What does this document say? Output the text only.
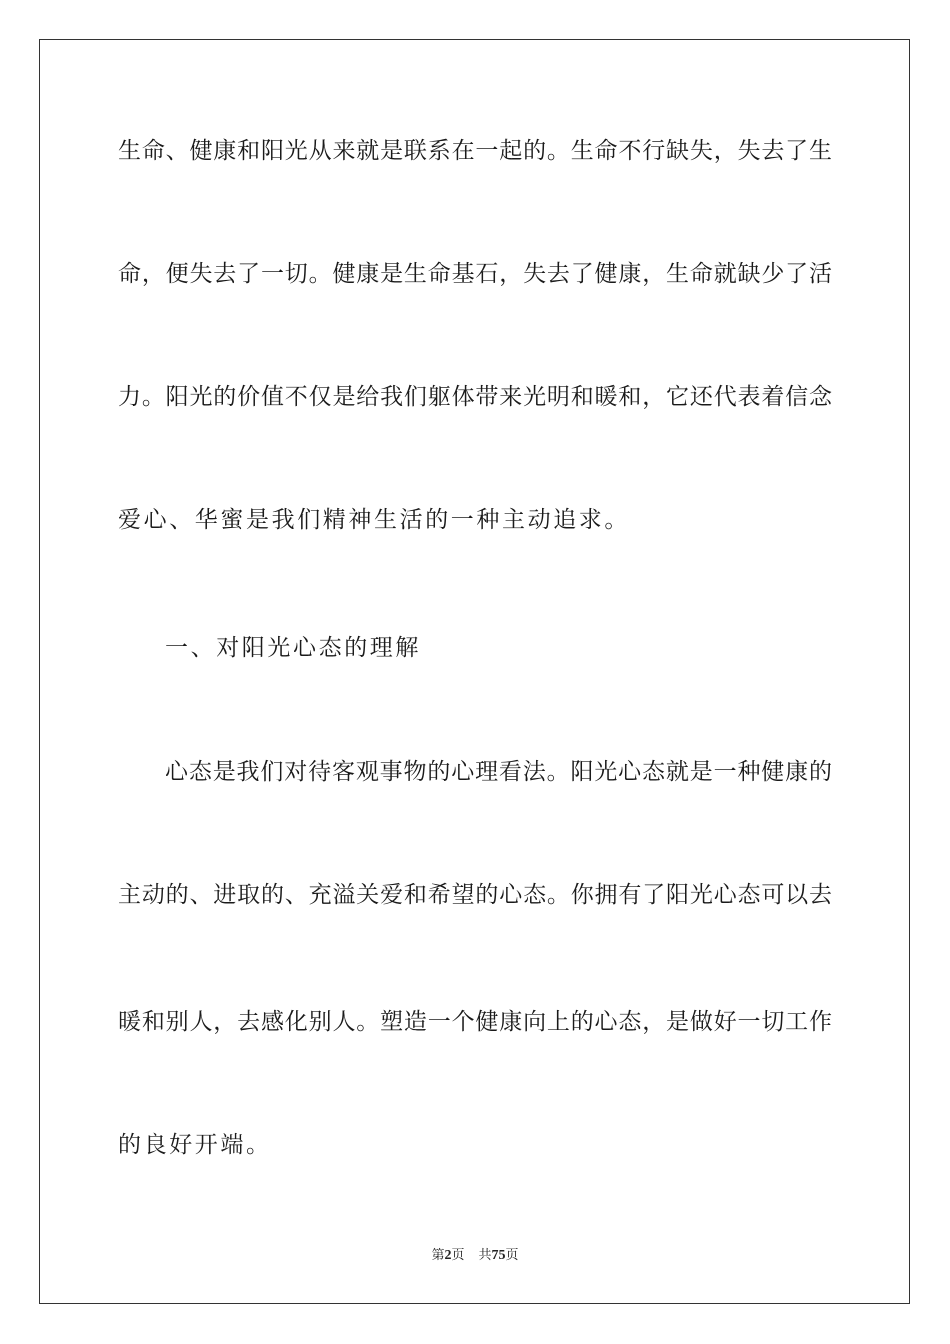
生命、健康和阳光从来就是联系在一起的。生命不行缺失，失去了生
命，便失去了一切。健康是生命基石，失去了健康，生命就缺少了活
力。阳光的价值不仅是给我们躯体带来光明和暖和，它还代表着信念
爱心、华蜜是我们精神生活的一种主动追求。
一、对阳光心态的理解
心态是我们对待客观事物的心理看法。阳光心态就是一种健康的
主动的、进取的、充溢关爱和希望的心态。你拥有了阳光心态可以去
暖和别人，去感化别人。塑造一个健康向上的心态，是做好一切工作
的良好开端。
第2页 共75页
